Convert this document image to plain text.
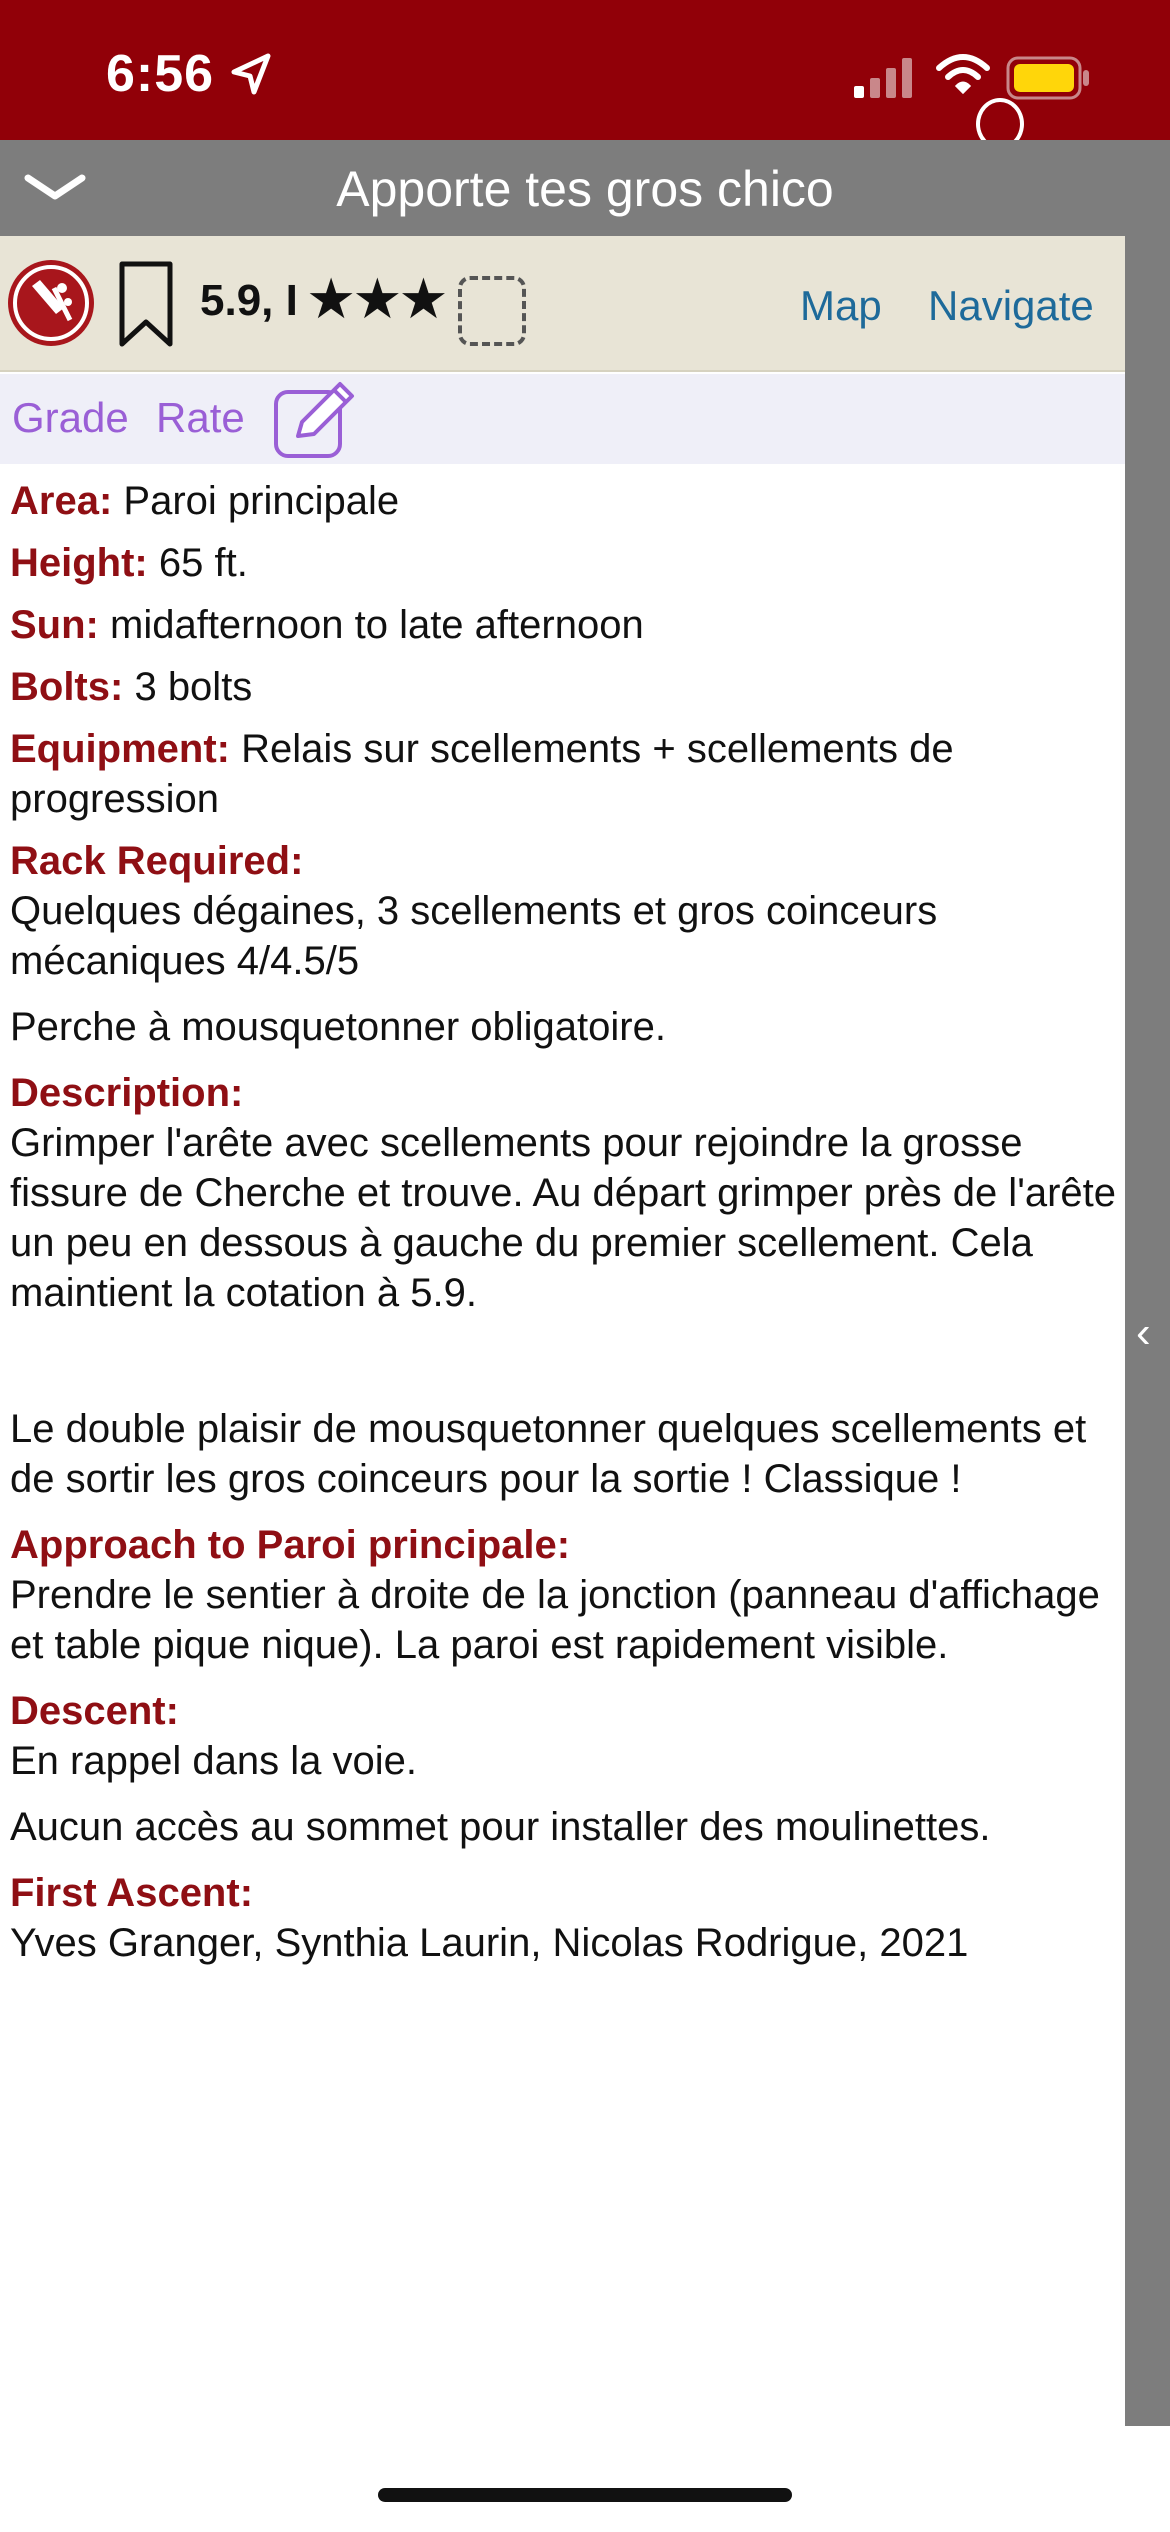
6:56
Apporte tes gros chico
‹
5.9, I ★★★	Map Navigate
Grade Rate
Area: Paroi principale
Height: 65 ft.
Sun: midafternoon to late afternoon
Bolts: 3 bolts
Equipment: Relais sur scellements + scellements de progression
Rack Required:
Quelques dégaines, 3 scellements et gros coinceurs mécaniques 4/4.5/5
Perche à mousquetonner obligatoire.
Description:
Grimper l'arête avec scellements pour rejoindre la grosse fissure de Cherche et trouve. Au départ grimper près de l'arête un peu en dessous à gauche du premier scellement. Cela maintient la cotation à 5.9.
Le double plaisir de mousquetonner quelques scellements et de sortir les gros coinceurs pour la sortie ! Classique !
Approach to Paroi principale:
Prendre le sentier à droite de la jonction (panneau d'affichage et table pique nique). La paroi est rapidement visible.
Descent:
En rappel dans la voie.
Aucun accès au sommet pour installer des moulinettes.
First Ascent:
Yves Granger, Synthia Laurin, Nicolas Rodrigue, 2021
